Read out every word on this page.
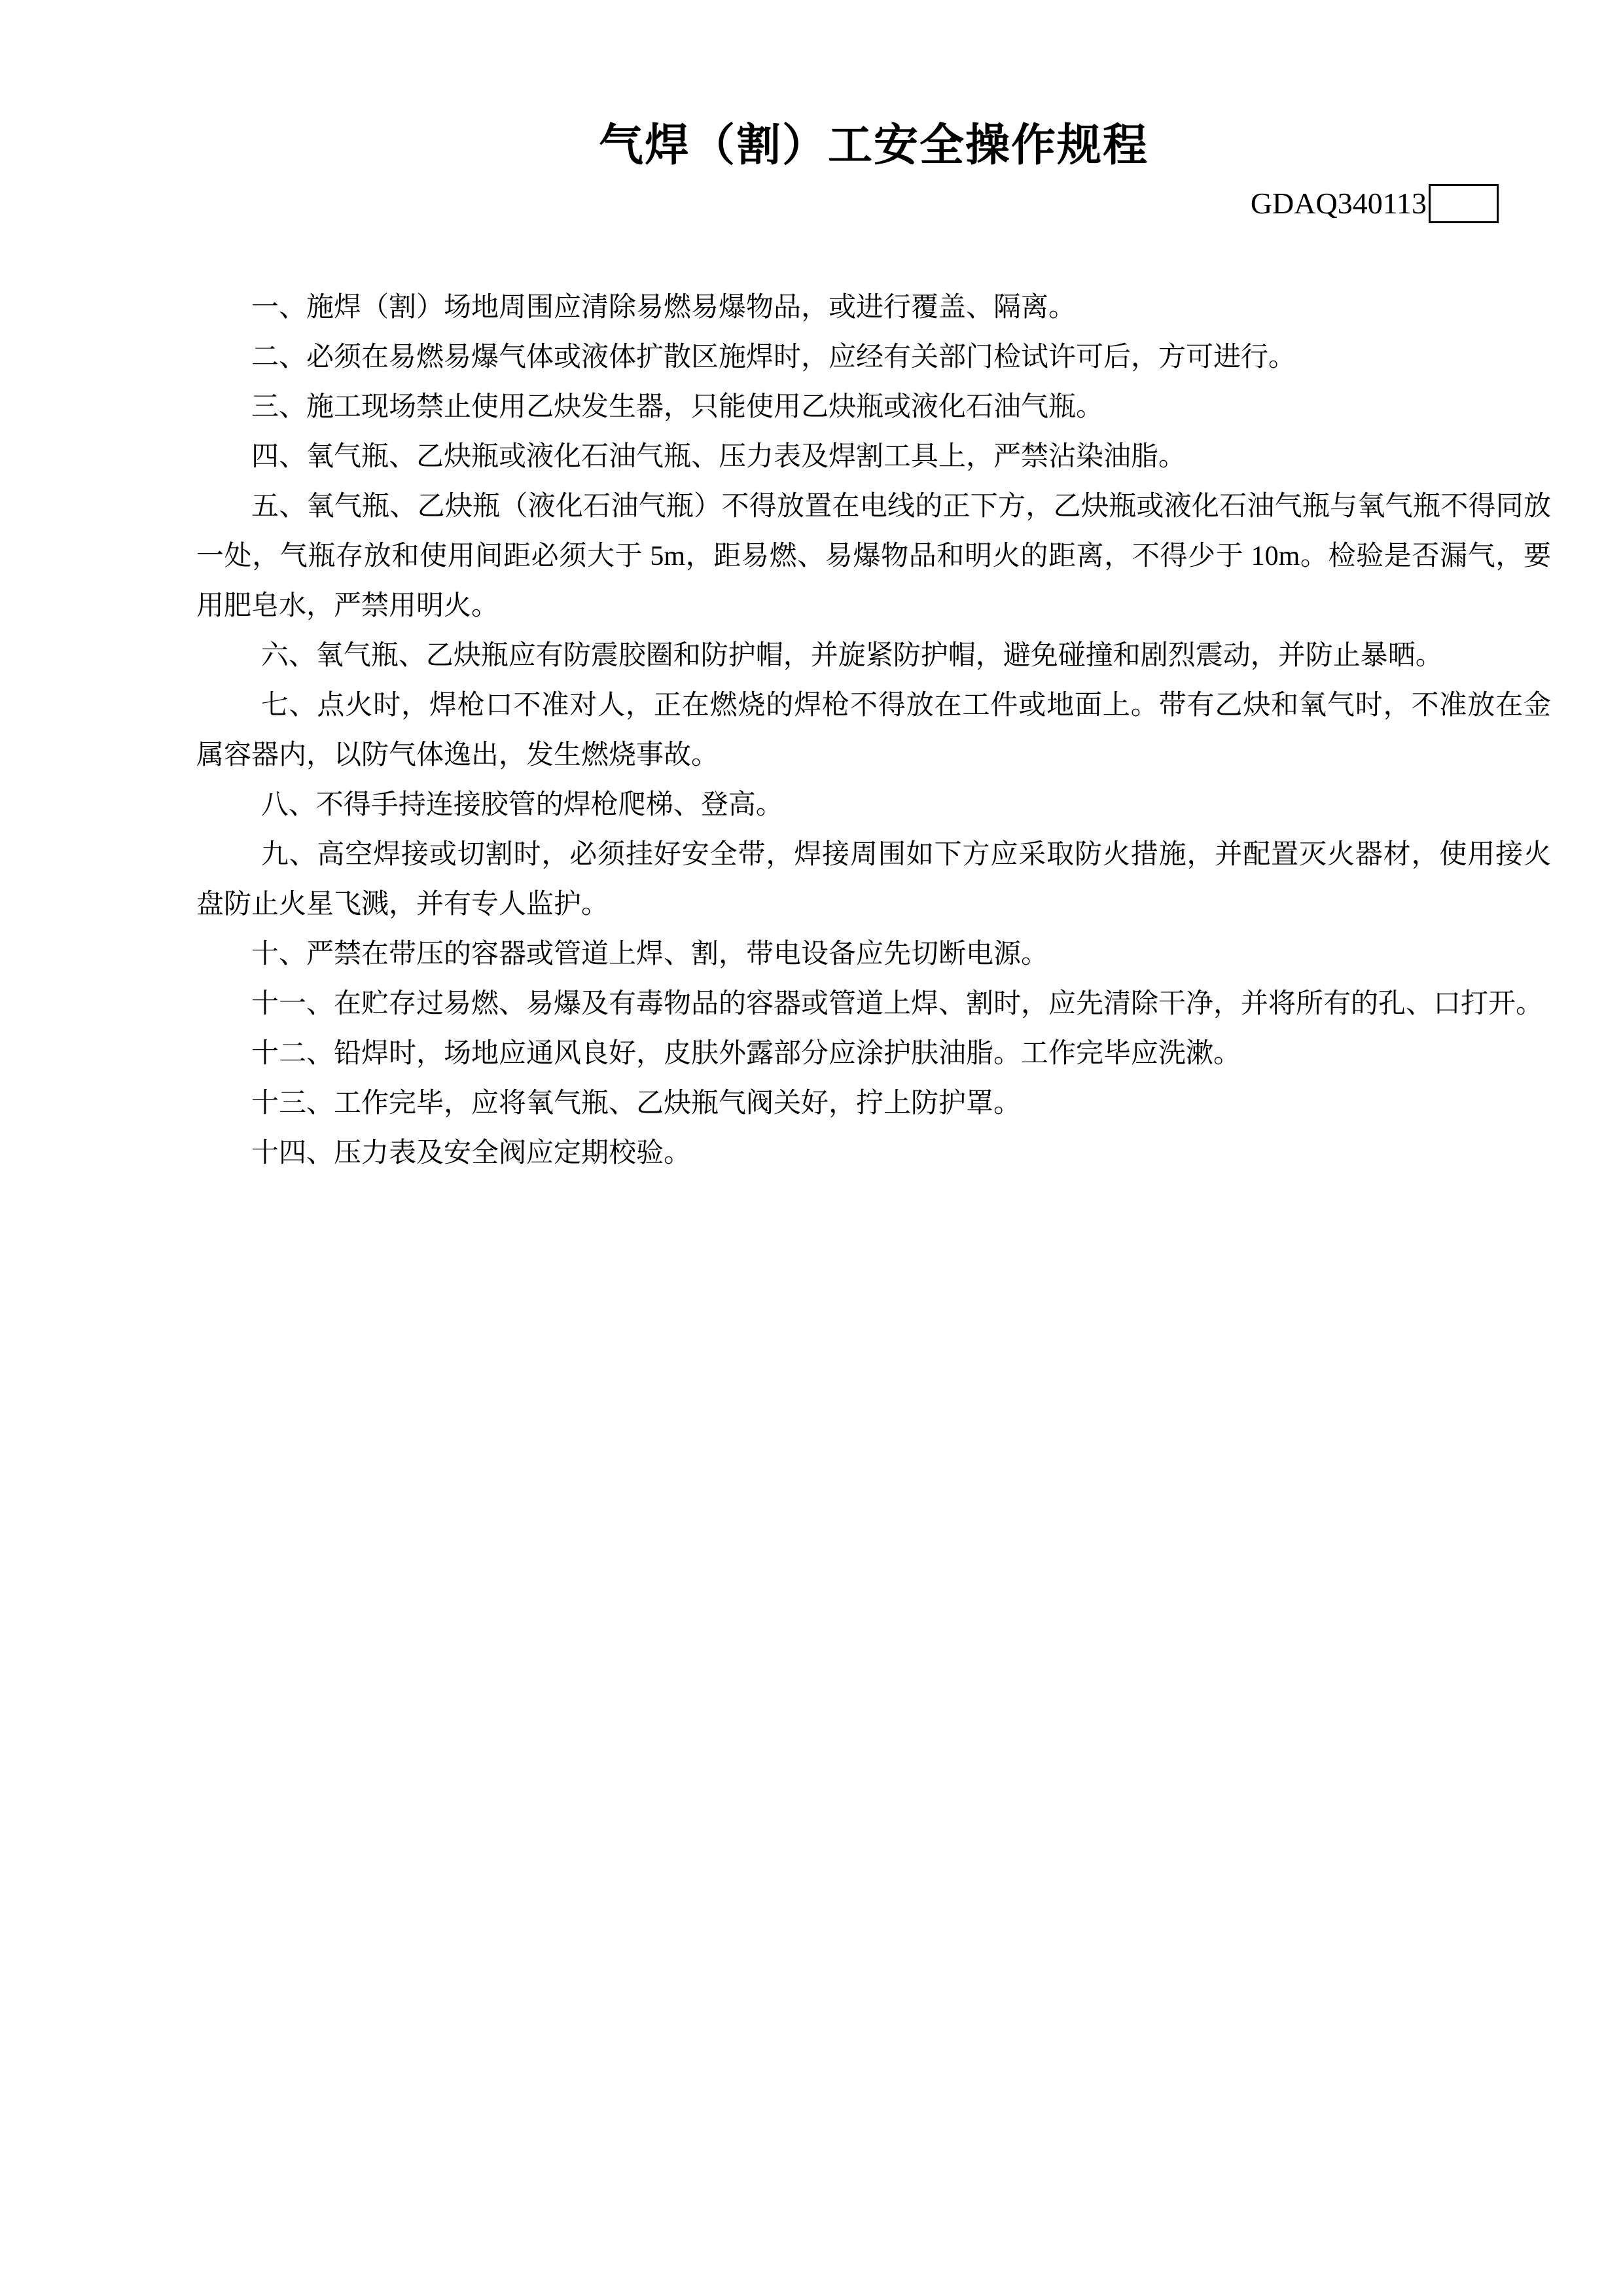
气焊（割）工安全操作规程
GDAQ340113

一、施焊（割）场地周围应清除易燃易爆物品，或进行覆盖、隔离。

二、必须在易燃易爆气体或液体扩散区施焊时，应经有关部门检试许可后，方可进行。

三、施工现场禁止使用乙炔发生器，只能使用乙炔瓶或液化石油气瓶。

四、氧气瓶、乙炔瓶或液化石油气瓶、压力表及焊割工具上，严禁沾染油脂。

五、氧气瓶、乙炔瓶（液化石油气瓶）不得放置在电线的正下方，乙炔瓶或液化石油气瓶与氧气瓶不得同放一处，气瓶存放和使用间距必须大于 5m，距易燃、易爆物品和明火的距离，不得少于 10m。检验是否漏气，要用肥皂水，严禁用明火。

六、氧气瓶、乙炔瓶应有防震胶圈和防护帽，并旋紧防护帽，避免碰撞和剧烈震动，并防止暴晒。

七、点火时，焊枪口不准对人，正在燃烧的焊枪不得放在工件或地面上。带有乙炔和氧气时，不准放在金属容器内，以防气体逸出，发生燃烧事故。

八、不得手持连接胶管的焊枪爬梯、登高。

九、高空焊接或切割时，必须挂好安全带，焊接周围如下方应采取防火措施，并配置灭火器材，使用接火盘防止火星飞溅，并有专人监护。

十、严禁在带压的容器或管道上焊、割，带电设备应先切断电源。

十一、在贮存过易燃、易爆及有毒物品的容器或管道上焊、割时，应先清除干净，并将所有的孔、口打开。

十二、铅焊时，场地应通风良好，皮肤外露部分应涂护肤油脂。工作完毕应洗漱。

十三、工作完毕，应将氧气瓶、乙炔瓶气阀关好，拧上防护罩。

十四、压力表及安全阀应定期校验。
